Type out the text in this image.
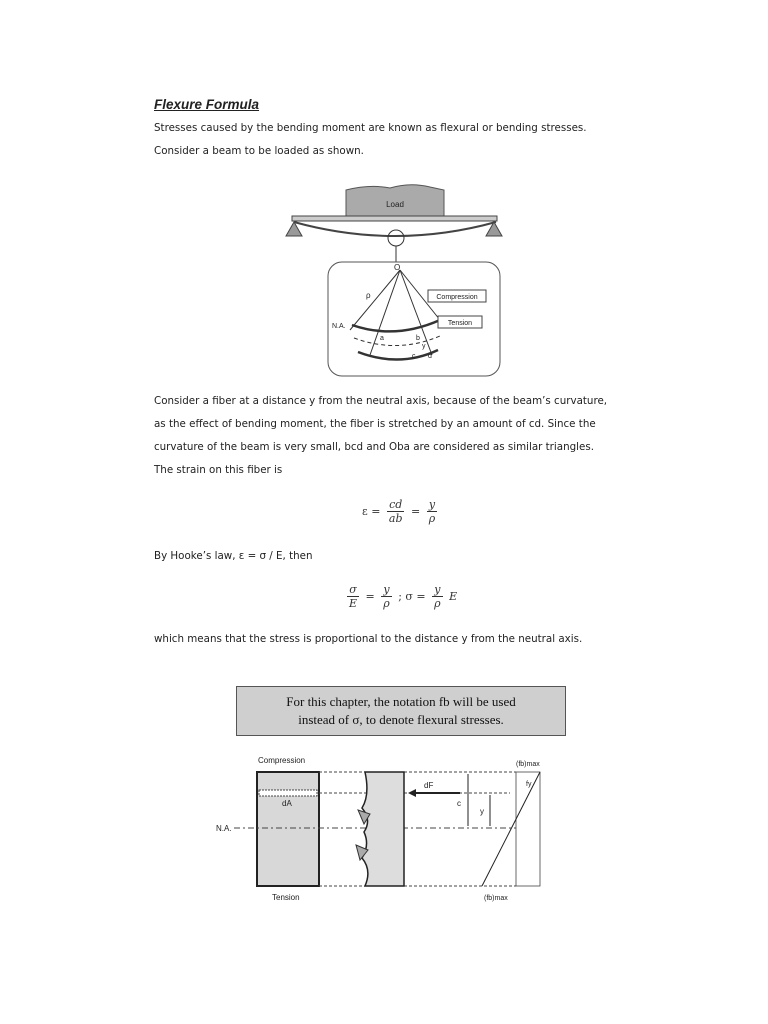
Flexure Formula
Stresses caused by the bending moment are known as flexural or bending stresses.
Consider a beam to be loaded as shown.
Load
O
ρ
N.A.
Compression
Tension
a	b
c d
y
Consider a fiber at a distance y from the neutral axis, because of the beam’s curvature,
as the effect of bending moment, the fiber is stretched by an amount of cd. Since the
curvature of the beam is very small, bcd and Oba are considered as similar triangles.
The strain on this fiber is
$\varepsilon = \frac{cd}{ab} = \frac{y}{\rho}$
By Hooke’s law, ε = σ / E, then
$\frac{\sigma}{E} = \frac{y}{\rho}$ ; $\sigma = \frac{y}{\rho}$ E
which means that the stress is proportional to the distance y from the neutral axis.
For this chapter, the notation fb will be used
instead of σ, to denote flexural stresses.
Compression
dA
N.A.
dF
c
y
(fb)max
fy
(fb)max
Tension
